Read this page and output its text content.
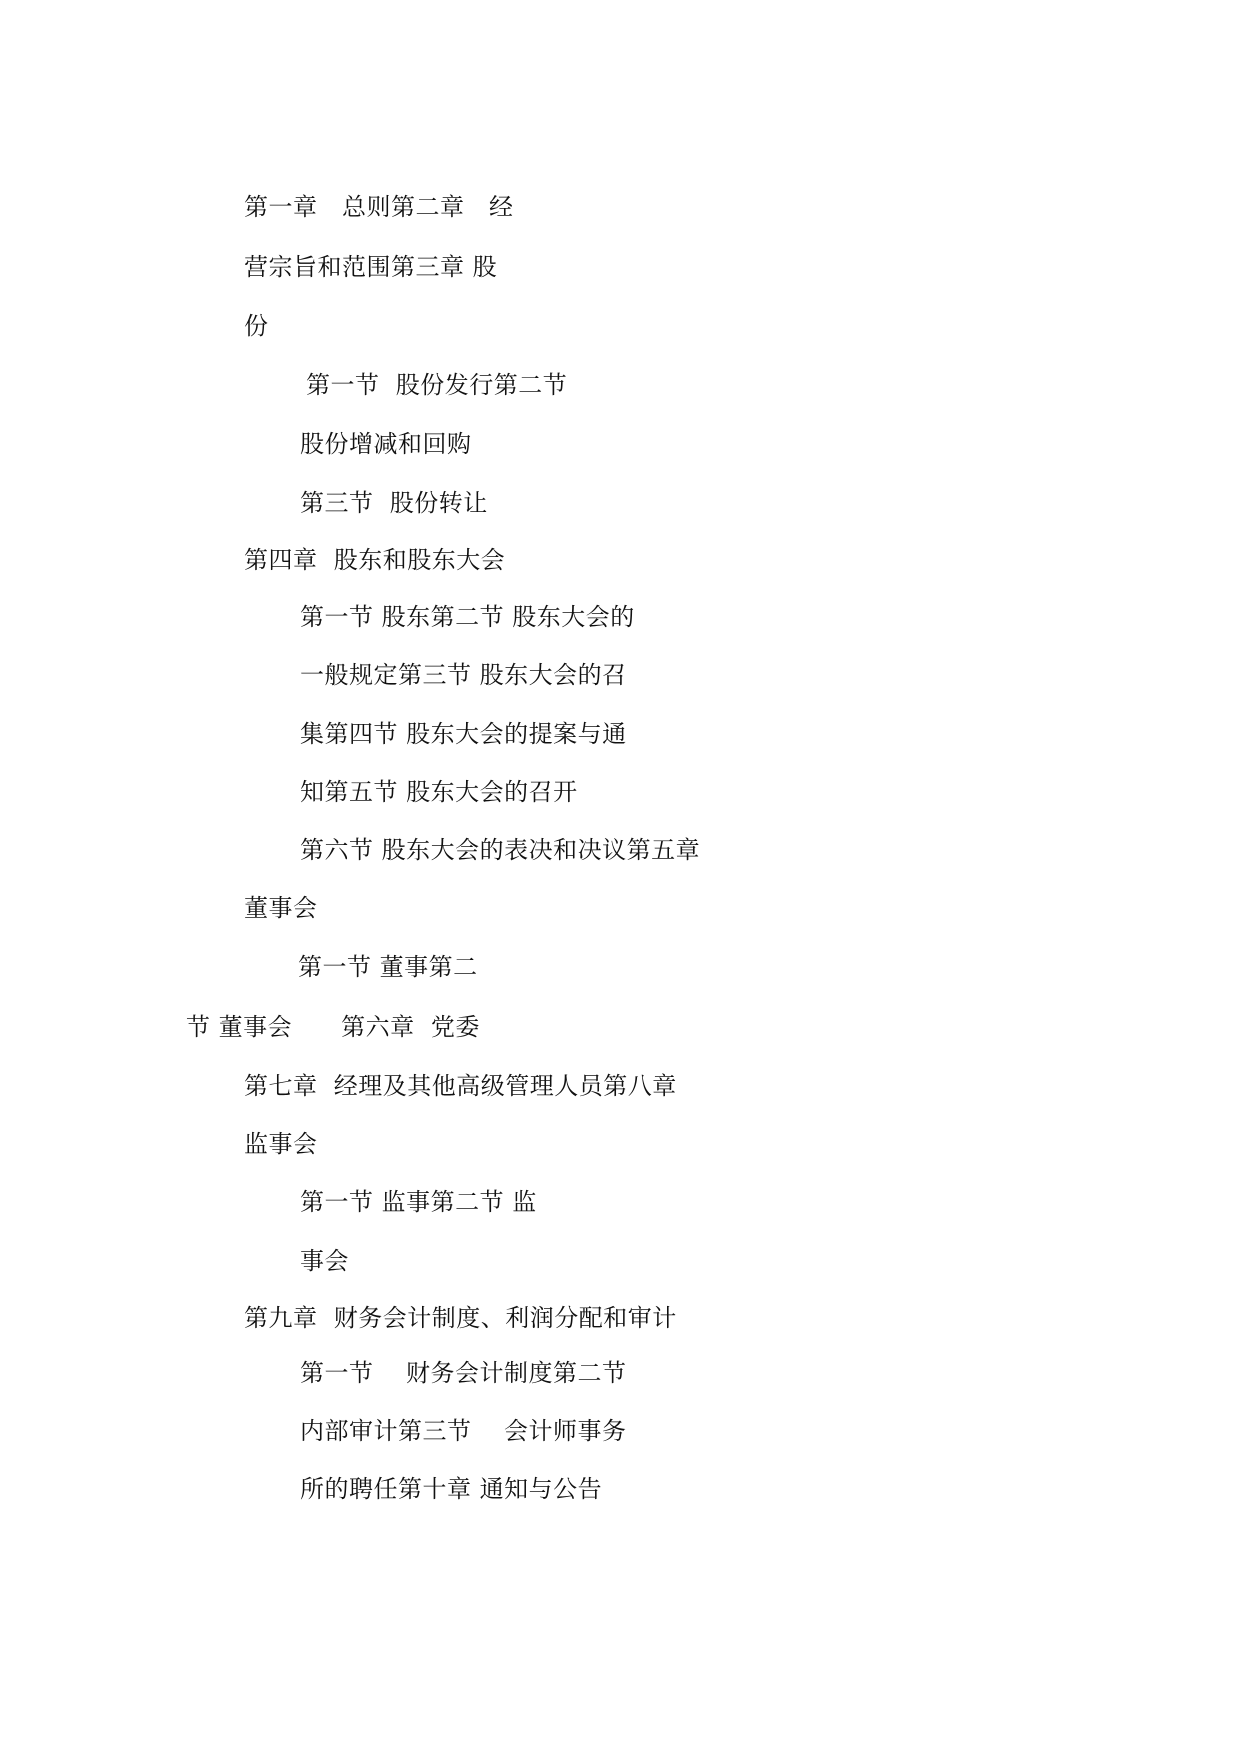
第一章　总则第二章　经
营宗旨和范围第三章 股
份
第一节  股份发行第二节
股份增减和回购
第三节  股份转让
第四章  股东和股东大会
第一节 股东第二节 股东大会的
一般规定第三节 股东大会的召
集第四节 股东大会的提案与通
知第五节 股东大会的召开
第六节 股东大会的表决和决议第五章
董事会
第一节 董事第二
节 董事会　　第六章  党委
第七章  经理及其他高级管理人员第八章
监事会
第一节 监事第二节 监
事会
第九章  财务会计制度、利润分配和审计
第一节    财务会计制度第二节
内部审计第三节    会计师事务
所的聘任第十章 通知与公告
